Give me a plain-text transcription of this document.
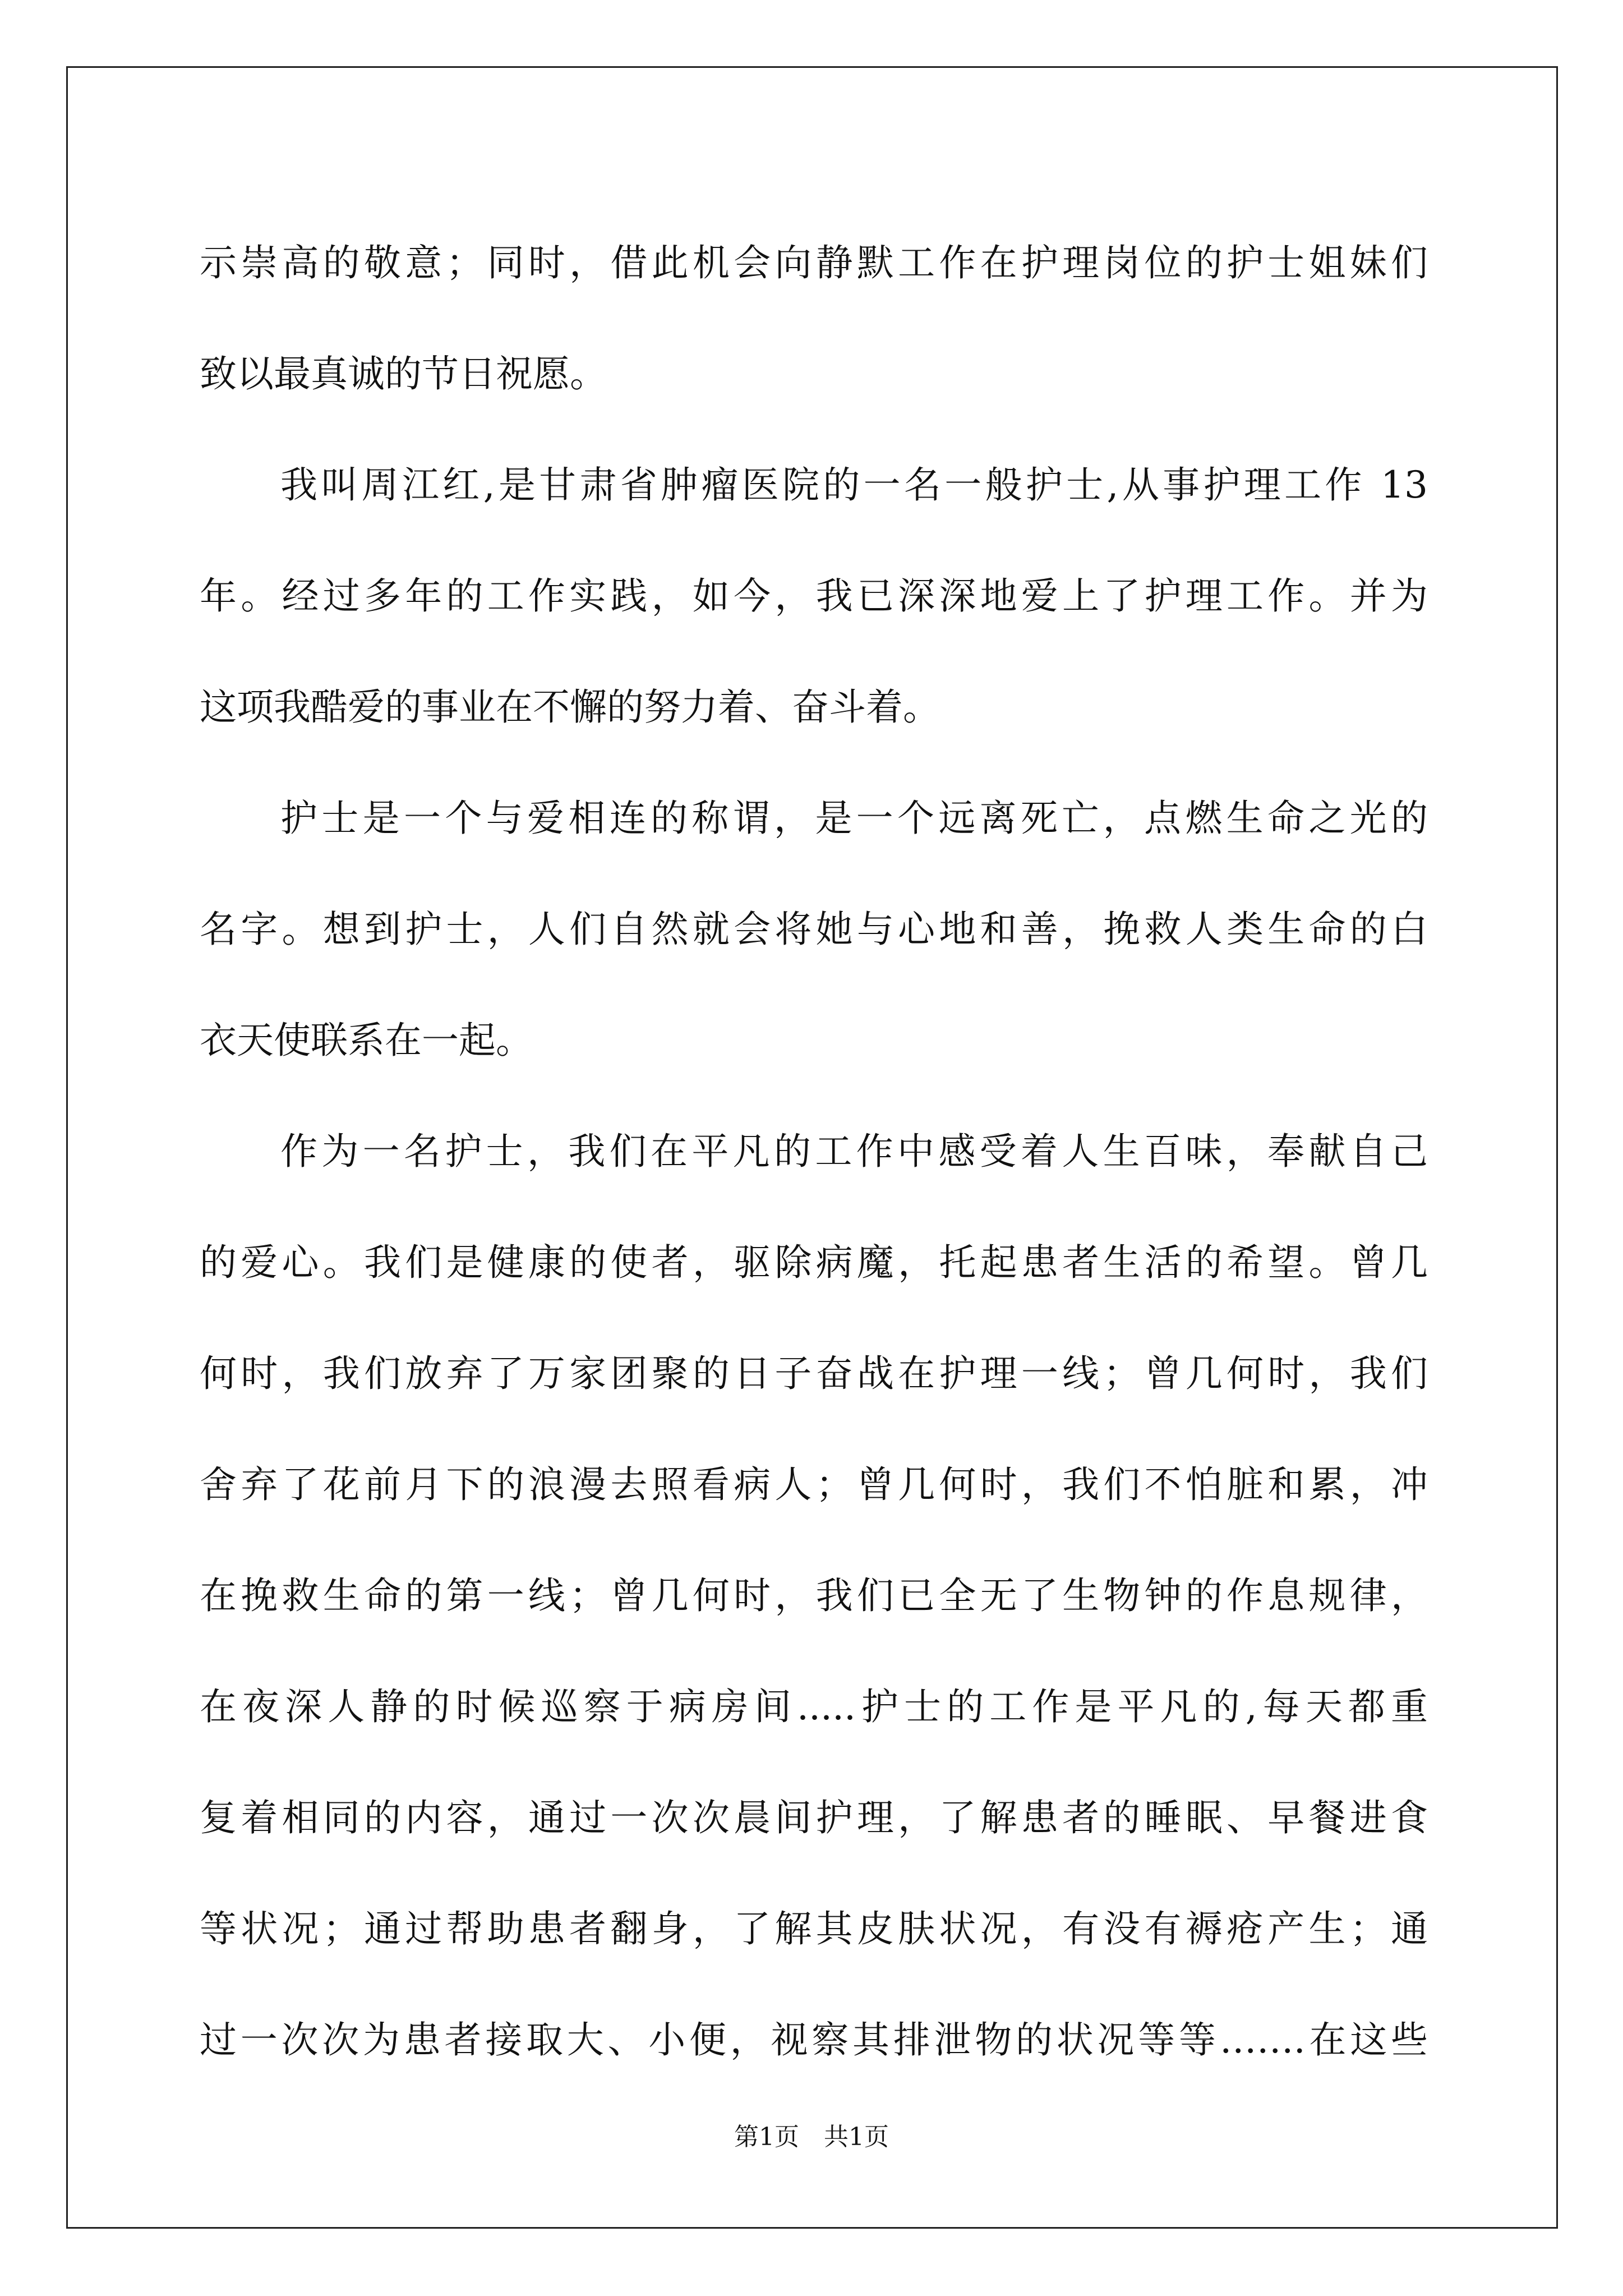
示崇高的敬意；同时，借此机会向静默工作在护理岗位的护士姐妹们
致以最真诚的节日祝愿。
我叫周江红,是甘肃省肿瘤医院的一名一般护士,从事护理工作 13
年。经过多年的工作实践，如今，我已深深地爱上了护理工作。并为
这项我酷爱的事业在不懈的努力着、奋斗着。
护士是一个与爱相连的称谓，是一个远离死亡，点燃生命之光的
名字。想到护士，人们自然就会将她与心地和善，挽救人类生命的白
衣天使联系在一起。
作为一名护士，我们在平凡的工作中感受着人生百味，奉献自己
的爱心。我们是健康的使者，驱除病魔，托起患者生活的希望。曾几
何时，我们放弃了万家团聚的日子奋战在护理一线；曾几何时，我们
舍弃了花前月下的浪漫去照看病人；曾几何时，我们不怕脏和累，冲
在挽救生命的第一线；曾几何时，我们已全无了生物钟的作息规律，
在夜深人静的时候巡察于病房间.....护士的工作是平凡的,每天都重
复着相同的内容，通过一次次晨间护理，了解患者的睡眠、早餐进食
等状况；通过帮助患者翻身，了解其皮肤状况，有没有褥疮产生；通
过一次次为患者接取大、小便，视察其排泄物的状况等等…….在这些
第1页　共1页
